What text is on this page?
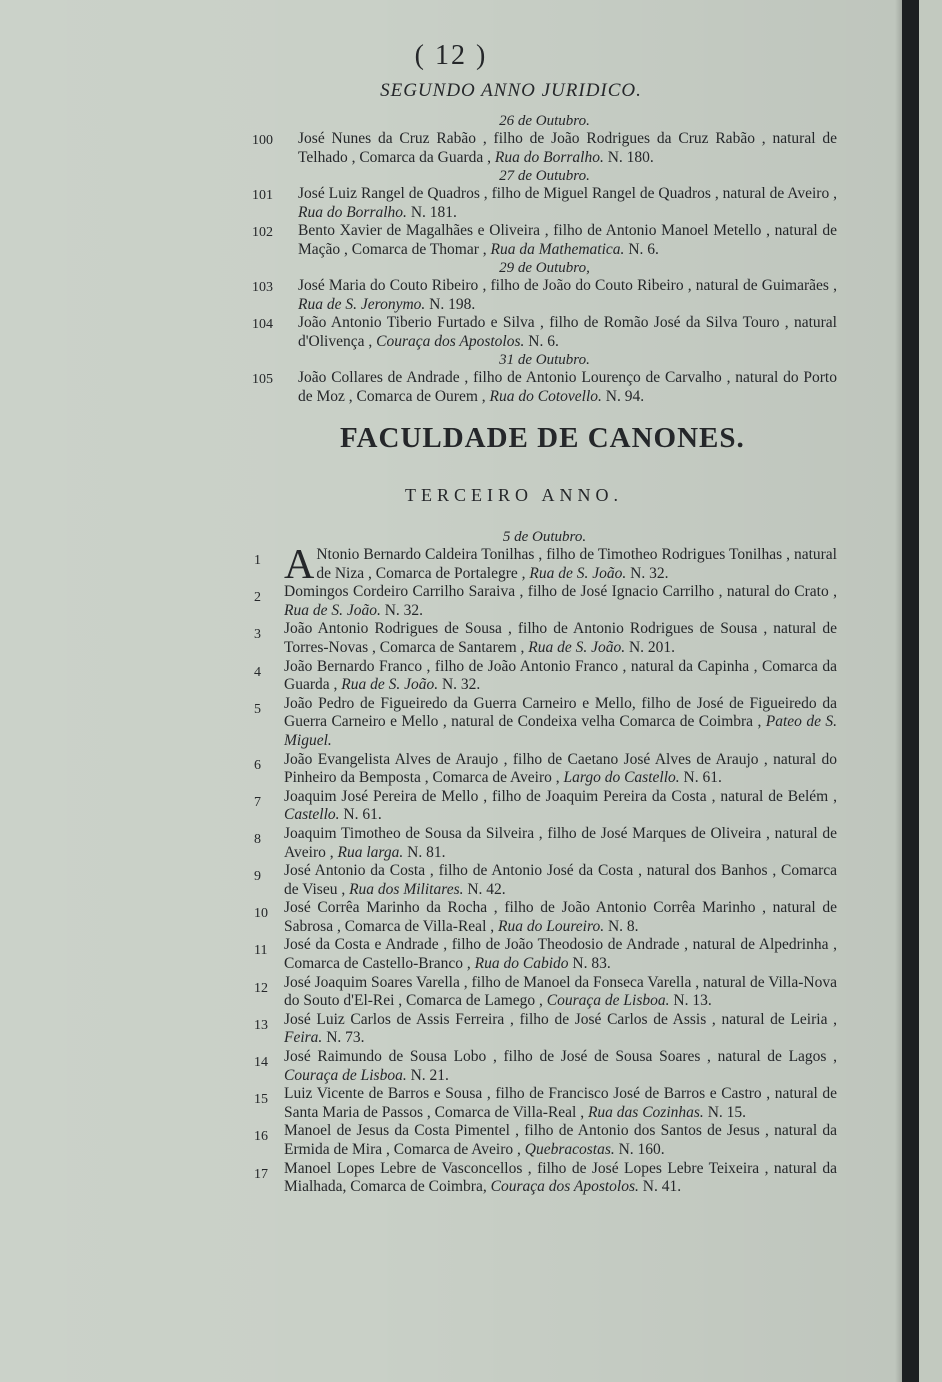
( 12 )
SEGUNDO ANNO JURIDICO.
26 de Outubro.
100	José Nunes da Cruz Rabão , filho de João Rodrigues da Cruz Rabão , natural de Telhado , Comarca da Guarda , Rua do Borralho. N. 180.
27 de Outubro.
101	José Luiz Rangel de Quadros , filho de Miguel Rangel de Quadros , natural de Aveiro , Rua do Borralho. N. 181.
102	Bento Xavier de Magalhães e Oliveira , filho de Antonio Manoel Metello , natural de Mação , Comarca de Thomar , Rua da Mathematica. N. 6.
29 de Outubro,
103	José Maria do Couto Ribeiro , filho de João do Couto Ribeiro , natural de Guimarães , Rua de S. Jeronymo. N. 198.
104	João Antonio Tiberio Furtado e Silva , filho de Romão José da Silva Touro , natural d'Olivença , Couraça dos Apostolos. N. 6.
31 de Outubro.
105	João Collares de Andrade , filho de Antonio Lourenço de Carvalho , natural do Porto de Moz , Comarca de Ourem , Rua do Cotovello. N. 94.
FACULDADE DE CANONES.
TERCEIRO ANNO.
5 de Outubro.
1 A Ntonio Bernardo Caldeira Tonilhas , filho de Timotheo Rodrigues Tonilhas , natural de Niza , Comarca de Portalegre , Rua de S. João. N. 32.
2	Domingos Cordeiro Carrilho Saraiva , filho de José Ignacio Carrilho , natural do Crato , Rua de S. João. N. 32.
3	João Antonio Rodrigues de Sousa , filho de Antonio Rodrigues de Sousa , natural de Torres-Novas , Comarca de Santarem , Rua de S. João. N. 201.
4	João Bernardo Franco , filho de João Antonio Franco , natural da Capinha , Comarca da Guarda , Rua de S. João. N. 32.
5	João Pedro de Figueiredo da Guerra Carneiro e Mello, filho de José de Figueiredo da Guerra Carneiro e Mello , natural de Condeixa velha Comarca de Coimbra , Pateo de S. Miguel.
6	João Evangelista Alves de Araujo , filho de Caetano José Alves de Araujo , natural do Pinheiro da Bemposta , Comarca de Aveiro , Largo do Castello. N. 61.
7	Joaquim José Pereira de Mello , filho de Joaquim Pereira da Costa , natural de Belém , Castello. N. 61.
8	Joaquim Timotheo de Sousa da Silveira , filho de José Marques de Oliveira , natural de Aveiro , Rua larga. N. 81.
9	José Antonio da Costa , filho de Antonio José da Costa , natural dos Banhos , Comarca de Viseu , Rua dos Militares. N. 42.
10	José Corrêa Marinho da Rocha , filho de João Antonio Corrêa Marinho , natural de Sabrosa , Comarca de Villa-Real , Rua do Loureiro. N. 8.
11	José da Costa e Andrade , filho de João Theodosio de Andrade , natural de Alpedrinha , Comarca de Castello-Branco , Rua do Cabido N. 83.
12	José Joaquim Soares Varella , filho de Manoel da Fonseca Varella , natural de Villa-Nova do Souto d'El-Rei , Comarca de Lamego , Couraça de Lisboa. N. 13.
13	José Luiz Carlos de Assis Ferreira , filho de José Carlos de Assis , natural de Leiria , Feira. N. 73.
14	José Raimundo de Sousa Lobo , filho de José de Sousa Soares , natural de Lagos , Couraça de Lisboa. N. 21.
15	Luiz Vicente de Barros e Sousa , filho de Francisco José de Barros e Castro , natural de Santa Maria de Passos , Comarca de Villa-Real , Rua das Cozinhas. N. 15.
16	Manoel de Jesus da Costa Pimentel , filho de Antonio dos Santos de Jesus , natural da Ermida de Mira , Comarca de Aveiro , Quebracostas. N. 160.
17	Manoel Lopes Lebre de Vasconcellos , filho de José Lopes Lebre Teixeira , natural da Mialhada, Comarca de Coimbra, Couraça dos Apostolos. N. 41.
